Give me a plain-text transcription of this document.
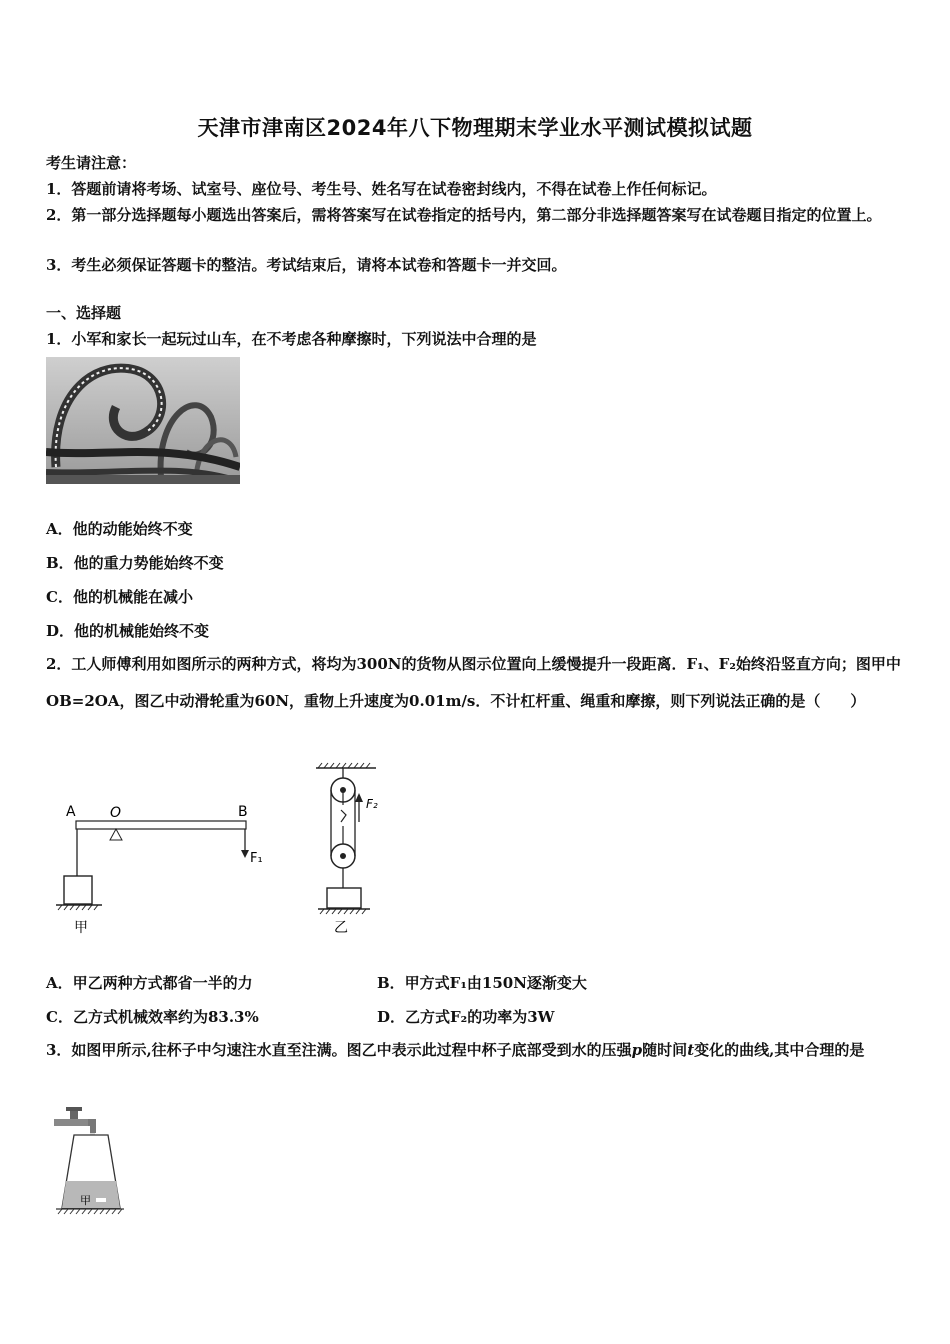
天津市津南区2024年八下物理期末学业水平测试模拟试题
考生请注意：
1．答题前请将考场、试室号、座位号、考生号、姓名写在试卷密封线内，不得在试卷上作任何标记。
2．第一部分选择题每小题选出答案后，需将答案写在试卷指定的括号内，第二部分非选择题答案写在试卷题目指定的位置上。
3．考生必须保证答题卡的整洁。考试结束后，请将本试卷和答题卡一并交回。
一、选择题
1．小军和家长一起玩过山车，在不考虑各种摩擦时，下列说法中合理的是
A．他的动能始终不变
B．他的重力势能始终不变
C．他的机械能在减小
D．他的机械能始终不变
2．工人师傅利用如图所示的两种方式，将均为300N的货物从图示位置向上缓慢提升一段距离．F₁、F₂始终沿竖直方向；图甲中OB=2OA，图乙中动滑轮重为60N，重物上升速度为0.01m/s．不计杠杆重、绳重和摩擦，则下列说法正确的是（　　）
A O	B
F₁
甲
F₂
乙
A．甲乙两种方式都省一半的力	B．甲方式F₁由150N逐渐变大
C．乙方式机械效率约为83.3%	D．乙方式F₂的功率为3W
3．如图甲所示,往杯子中匀速注水直至注满。图乙中表示此过程中杯子底部受到水的压强p随时间t变化的曲线,其中合理的是
甲
